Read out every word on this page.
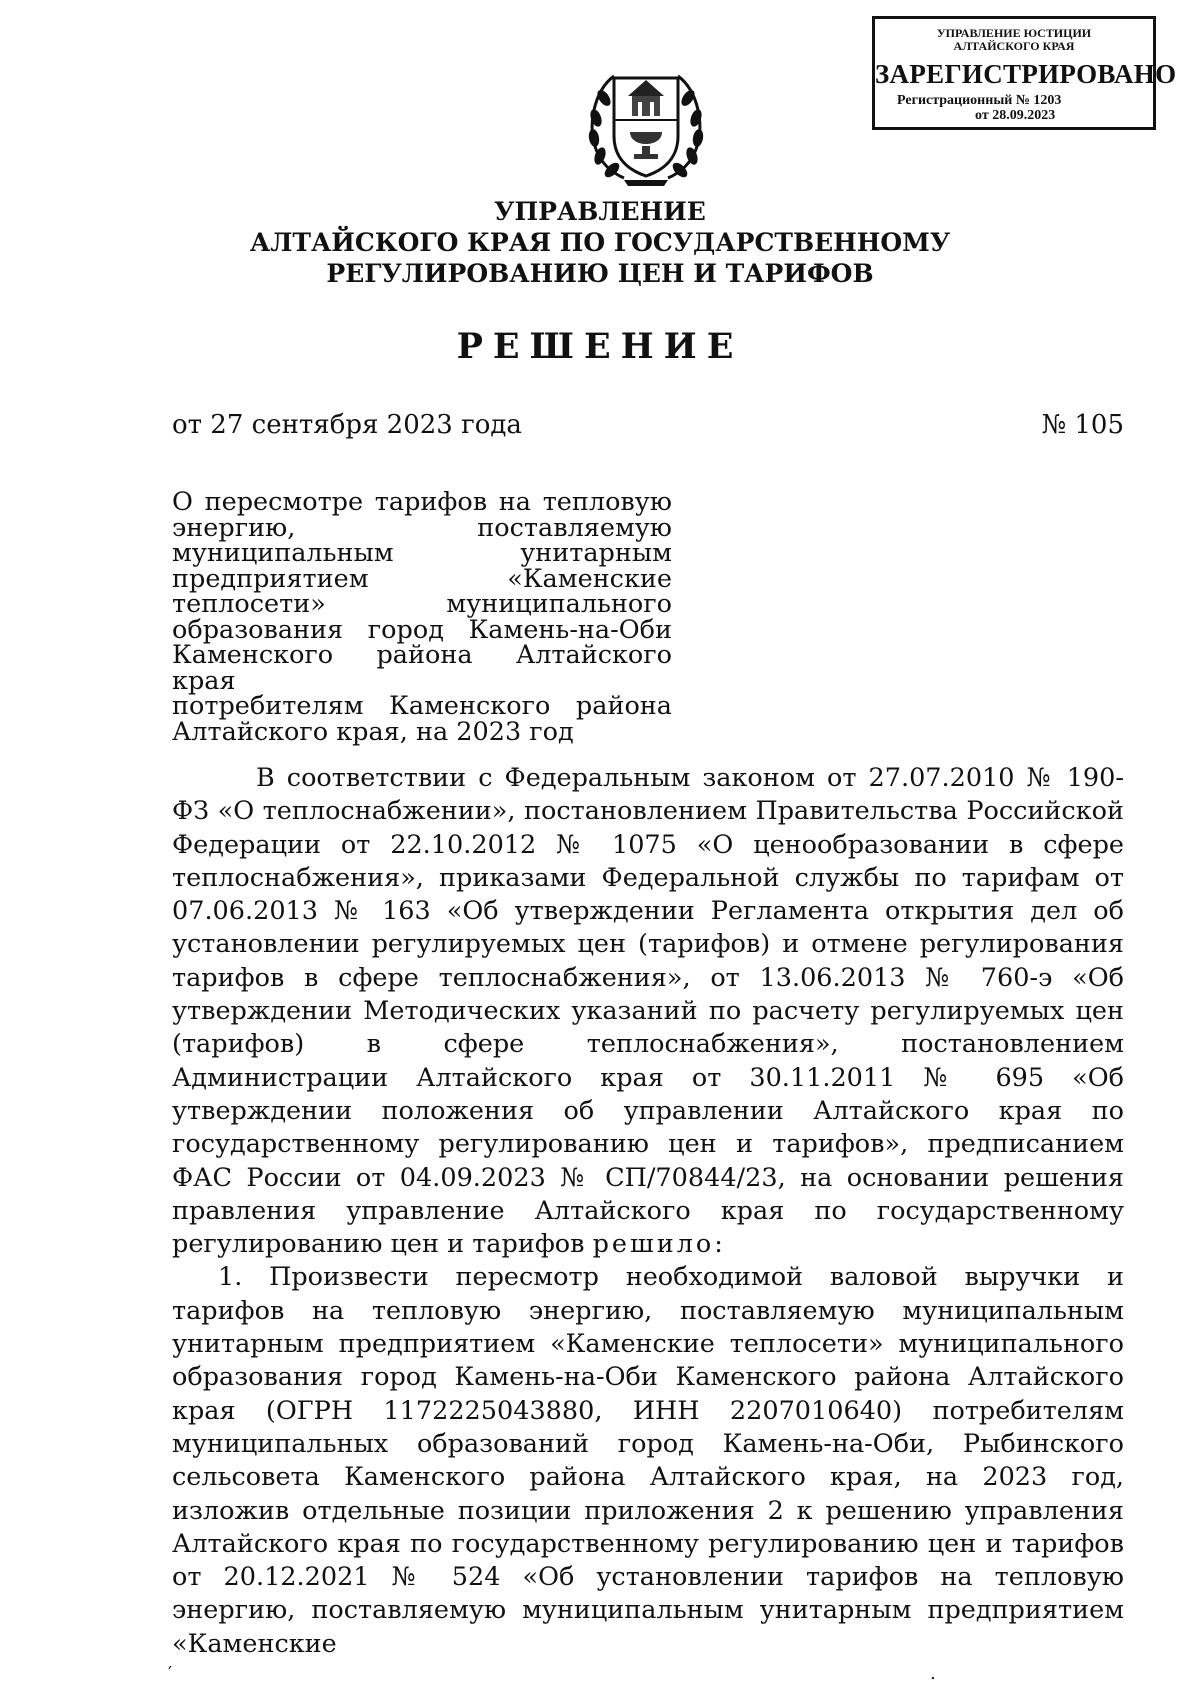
УПРАВЛЕНИЕ ЮСТИЦИИ
АЛТАЙСКОГО КРАЯ
ЗАРЕГИСТРИРОВАНО
Регистрационный № 1203
от 28.09.2023
УПРАВЛЕНИЕ
АЛТАЙСКОГО КРАЯ ПО ГОСУДАРСТВЕННОМУ
РЕГУЛИРОВАНИЮ ЦЕН И ТАРИФОВ
РЕШЕНИЕ
от 27 сентября 2023 года	№ 105
О пересмотре тарифов на тепловую
энергию, поставляемую
муниципальным унитарным
предприятием «Каменские
теплосети» муниципального
образования город Камень-на-Оби
Каменского района Алтайского края
потребителям Каменского района
Алтайского края, на 2023 год

В соответствии с Федеральным законом от 27.07.2010 № 190-ФЗ «О теплоснабжении», постановлением Правительства Российской Федерации от 22.10.2012 № 1075 «О ценообразовании в сфере теплоснабжения», приказами Федеральной службы по тарифам от 07.06.2013 № 163 «Об утверждении Регламента открытия дел об установлении регулируемых цен (тарифов) и отмене регулирования тарифов в сфере теплоснабжения», от 13.06.2013 № 760-э «Об утверждении Методических указаний по расчету регулируемых цен (тарифов) в сфере теплоснабжения», постановлением Администрации Алтайского края от 30.11.2011 № 695 «Об утверждении положения об управлении Алтайского края по государственному регулированию цен и тарифов», предписанием ФАС России от 04.09.2023 № СП/70844/23, на основании решения правления управление Алтайского края по государственному регулированию цен и тарифов решило:

1. Произвести пересмотр необходимой валовой выручки и тарифов на тепловую энергию, поставляемую муниципальным унитарным предприятием «Каменские теплосети» муниципального образования город Камень-на-Оби Каменского района Алтайского края (ОГРН 1172225043880, ИНН 2207010640) потребителям муниципальных образований город Камень-на-Оби, Рыбинского сельсовета Каменского района Алтайского края, на 2023 год, изложив отдельные позиции приложения 2 к решению управления Алтайского края по государственному регулированию цен и тарифов от 20.12.2021 № 524 «Об установлении тарифов на тепловую энергию, поставляемую муниципальным унитарным предприятием «Каменские

′	.
